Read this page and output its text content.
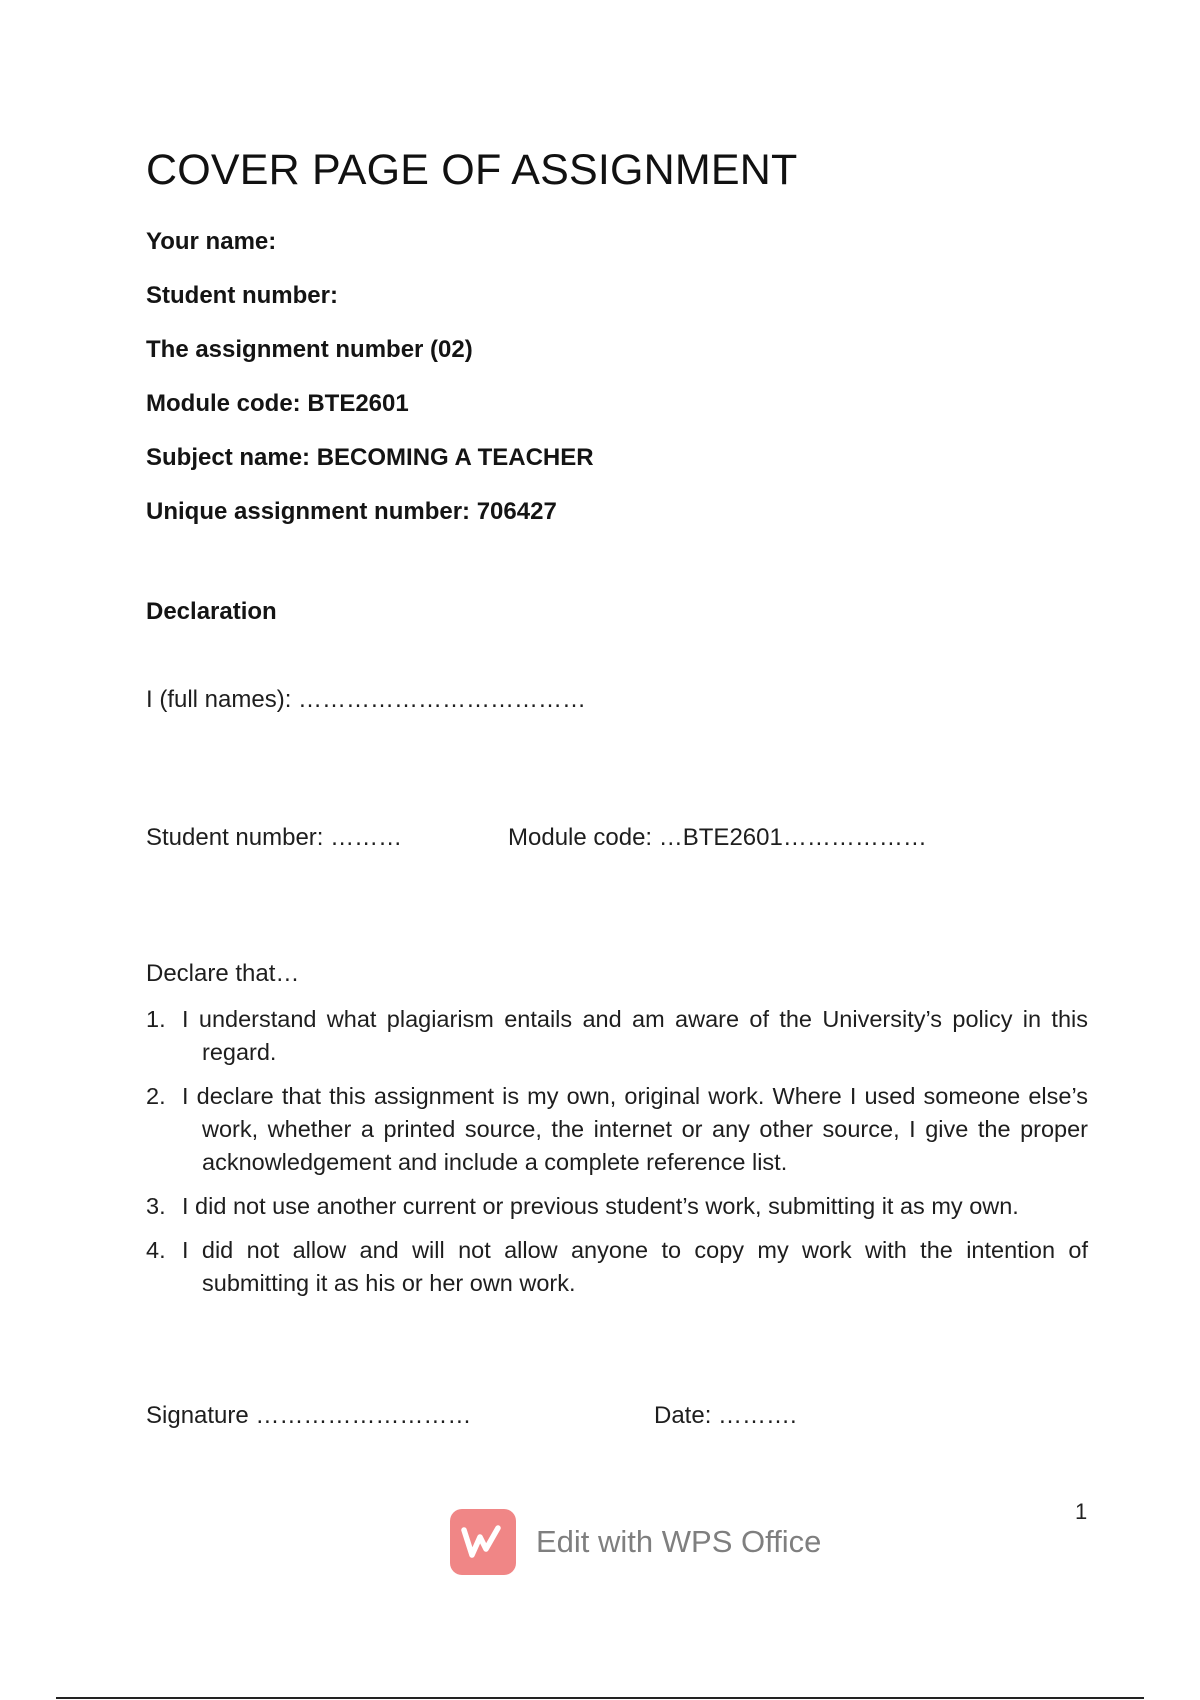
COVER PAGE OF ASSIGNMENT
Your name:
Student number:
The assignment number (02)
Module code: BTE2601
Subject name: BECOMING A TEACHER
Unique assignment number: 706427
Declaration
I (full names): ………………………………
Student number: ………	Module code: …BTE2601………………
Declare that…
1. I understand what plagiarism entails and am aware of the University’s policy in this regard.
2. I declare that this assignment is my own, original work. Where I used someone else’s work, whether a printed source, the internet or any other source, I give the proper acknowledgement and include a complete reference list.
3. I did not use another current or previous student’s work, submitting it as my own.
4. I did not allow and will not allow anyone to copy my work with the intention of submitting it as his or her own work.
Signature ………………………	Date: ……….
1
Edit with WPS Office
